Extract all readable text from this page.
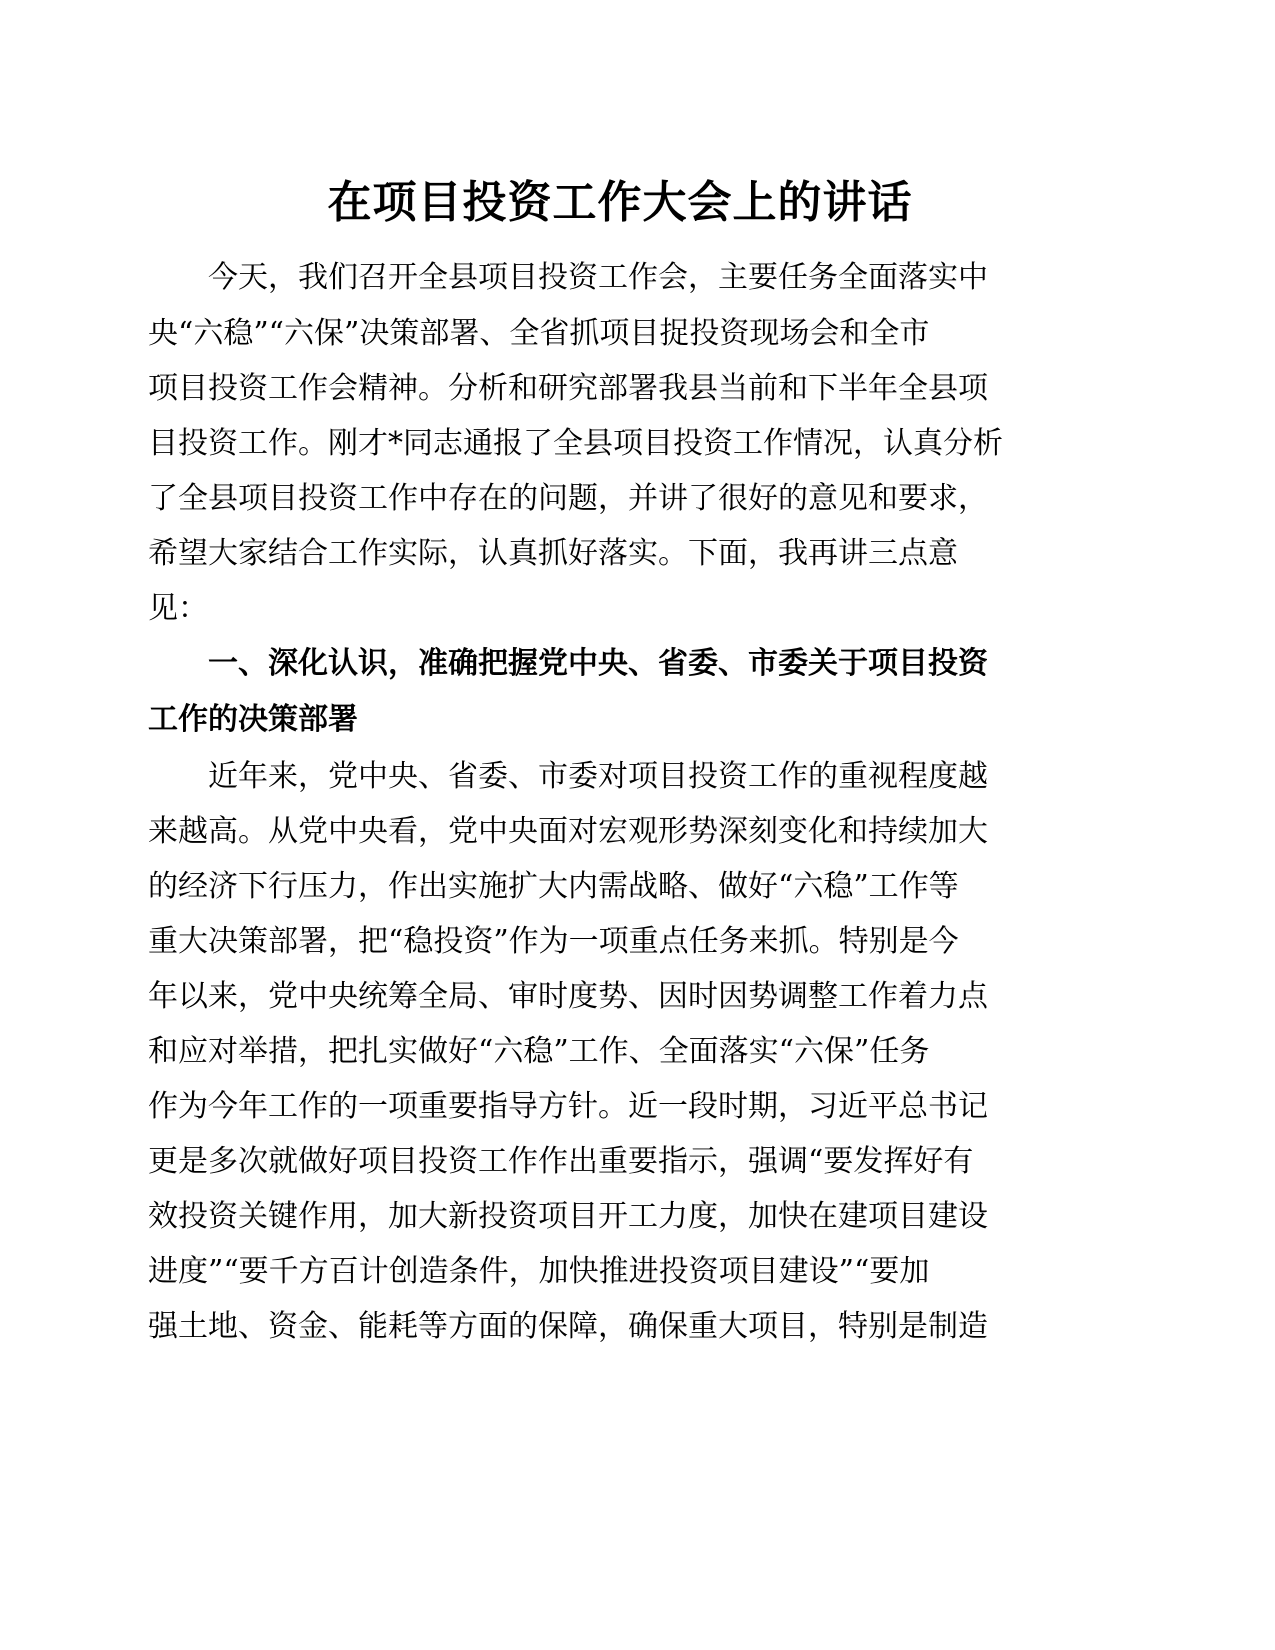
在项目投资工作大会上的讲话

今天，我们召开全县项目投资工作会，主要任务全面落实中

央“六稳”“六保”决策部署、全省抓项目捉投资现场会和全市

项目投资工作会精神。分析和研究部署我县当前和下半年全县项

目投资工作。刚才*同志通报了全县项目投资工作情况，认真分析

了全县项目投资工作中存在的问题，并讲了很好的意见和要求，

希望大家结合工作实际，认真抓好落实。下面，我再讲三点意

见：

一、深化认识，准确把握党中央、省委、市委关于项目投资

工作的决策部署

近年来，党中央、省委、市委对项目投资工作的重视程度越

来越高。从党中央看，党中央面对宏观形势深刻变化和持续加大

的经济下行压力，作出实施扩大内需战略、做好“六稳”工作等

重大决策部署，把“稳投资”作为一项重点任务来抓。特别是今

年以来，党中央统筹全局、审时度势、因时因势调整工作着力点

和应对举措，把扎实做好“六稳”工作、全面落实“六保”任务

作为今年工作的一项重要指导方针。近一段时期，习近平总书记

更是多次就做好项目投资工作作出重要指示，强调“要发挥好有

效投资关键作用，加大新投资项目开工力度，加快在建项目建设

进度”“要千方百计创造条件，加快推进投资项目建设”“要加

强土地、资金、能耗等方面的保障，确保重大项目，特别是制造
